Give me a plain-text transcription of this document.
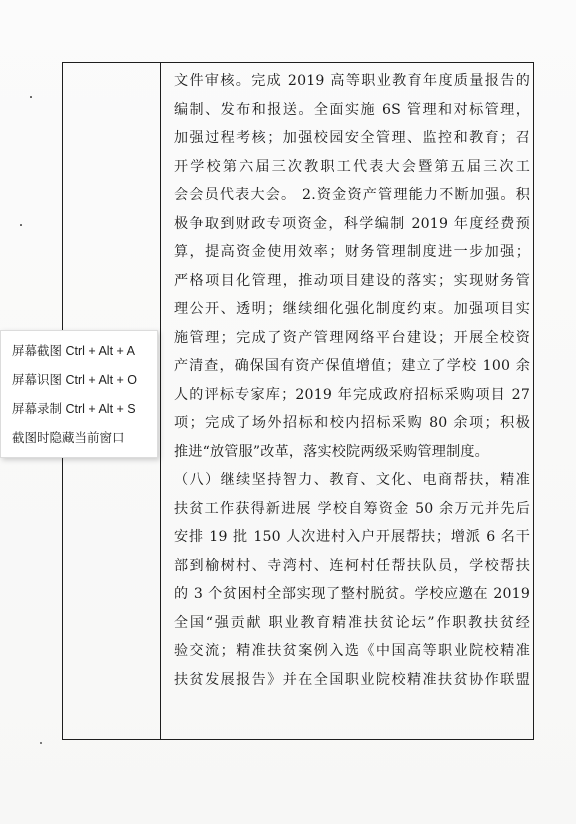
文件审核。完成 2019 高等职业教育年度质量报告的
编制、发布和报送。全面实施 6S 管理和对标管理，
加强过程考核；加强校园安全管理、监控和教育；召
开学校第六届三次教职工代表大会暨第五届三次工
会会员代表大会。 2.资金资产管理能力不断加强。积
极争取到财政专项资金，科学编制 2019 年度经费预
算，提高资金使用效率；财务管理制度进一步加强；
严格项目化管理，推动项目建设的落实；实现财务管
理公开、透明；继续细化强化制度约束。加强项目实
施管理；完成了资产管理网络平台建设；开展全校资
产清查，确保国有资产保值增值；建立了学校 100 余
人的评标专家库；2019 年完成政府招标采购项目 27
项；完成了场外招标和校内招标采购 80 余项；积极
推进“放管服”改革，落实校院两级采购管理制度。
（八）继续坚持智力、教育、文化、电商帮扶，精准
扶贫工作获得新进展 学校自筹资金 50 余万元并先后
安排 19 批 150 人次进村入户开展帮扶；增派 6 名干
部到榆树村、寺湾村、连柯村任帮扶队员，学校帮扶
的 3 个贫困村全部实现了整村脱贫。学校应邀在 2019
全国“强贡献 职业教育精准扶贫论坛”作职教扶贫经
验交流；精准扶贫案例入选《中国高等职业院校精准
扶贫发展报告》并在全国职业院校精准扶贫协作联盟
屏幕截图 Ctrl + Alt + A
屏幕识图 Ctrl + Alt + O
屏幕录制 Ctrl + Alt + S
截图时隐藏当前窗口
